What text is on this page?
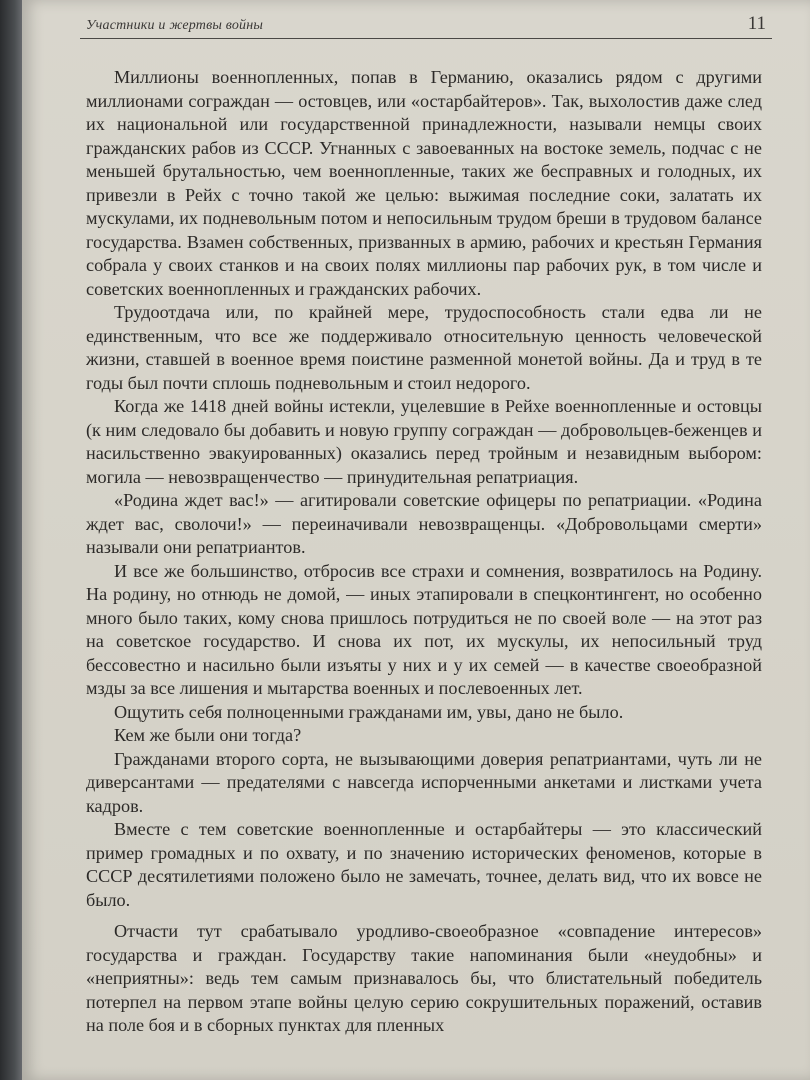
Участники и жертвы войны	11

Миллионы военнопленных, попав в Германию, оказались рядом с другими миллионами сограждан — остовцев, или «остарбайтеров». Так, выхолостив даже след их национальной или государственной принадлежности, называли немцы своих гражданских рабов из СССР. Угнанных с завоеванных на востоке земель, подчас с не меньшей брутальностью, чем военнопленные, таких же бесправных и голодных, их привезли в Рейх с точно такой же целью: выжимая последние соки, залатать их мускулами, их подневольным потом и непосильным трудом бреши в трудовом балансе государства. Взамен собственных, призванных в армию, рабочих и крестьян Германия собрала у своих станков и на своих полях миллионы пар рабочих рук, в том числе и советских военнопленных и гражданских рабочих.

Трудоотдача или, по крайней мере, трудоспособность стали едва ли не единственным, что все же поддерживало относительную ценность человеческой жизни, ставшей в военное время поистине разменной монетой войны. Да и труд в те годы был почти сплошь подневольным и стоил недорого.

Когда же 1418 дней войны истекли, уцелевшие в Рейхе военнопленные и остовцы (к ним следовало бы добавить и новую группу сограждан — добровольцев-беженцев и насильственно эвакуированных) оказались перед тройным и незавидным выбором: могила — невозвращенчество — принудительная репатриация.

«Родина ждет вас!» — агитировали советские офицеры по репатриации. «Родина ждет вас, сволочи!» — переиначивали невозвращенцы. «Добровольцами смерти» называли они репатриантов.

И все же большинство, отбросив все страхи и сомнения, возвратилось на Родину. На родину, но отнюдь не домой, — иных этапировали в спецконтингент, но особенно много было таких, кому снова пришлось потрудиться не по своей воле — на этот раз на советское государство. И снова их пот, их мускулы, их непосильный труд бессовестно и насильно были изъяты у них и у их семей — в качестве своеобразной мзды за все лишения и мытарства военных и послевоенных лет.

Ощутить себя полноценными гражданами им, увы, дано не было.

Кем же были они тогда?

Гражданами второго сорта, не вызывающими доверия репатриантами, чуть ли не диверсантами — предателями с навсегда испорченными анкетами и листками учета кадров.

Вместе с тем советские военнопленные и остарбайтеры — это классический пример громадных и по охвату, и по значению исторических феноменов, которые в СССР десятилетиями положено было не замечать, точнее, делать вид, что их вовсе не было.

Отчасти тут срабатывало уродливо-своеобразное «совпадение интересов» государства и граждан. Государству такие напоминания были «неудобны» и «неприятны»: ведь тем самым признавалось бы, что блистательный победитель потерпел на первом этапе войны целую серию сокрушительных поражений, оставив на поле боя и в сборных пунктах для пленных
